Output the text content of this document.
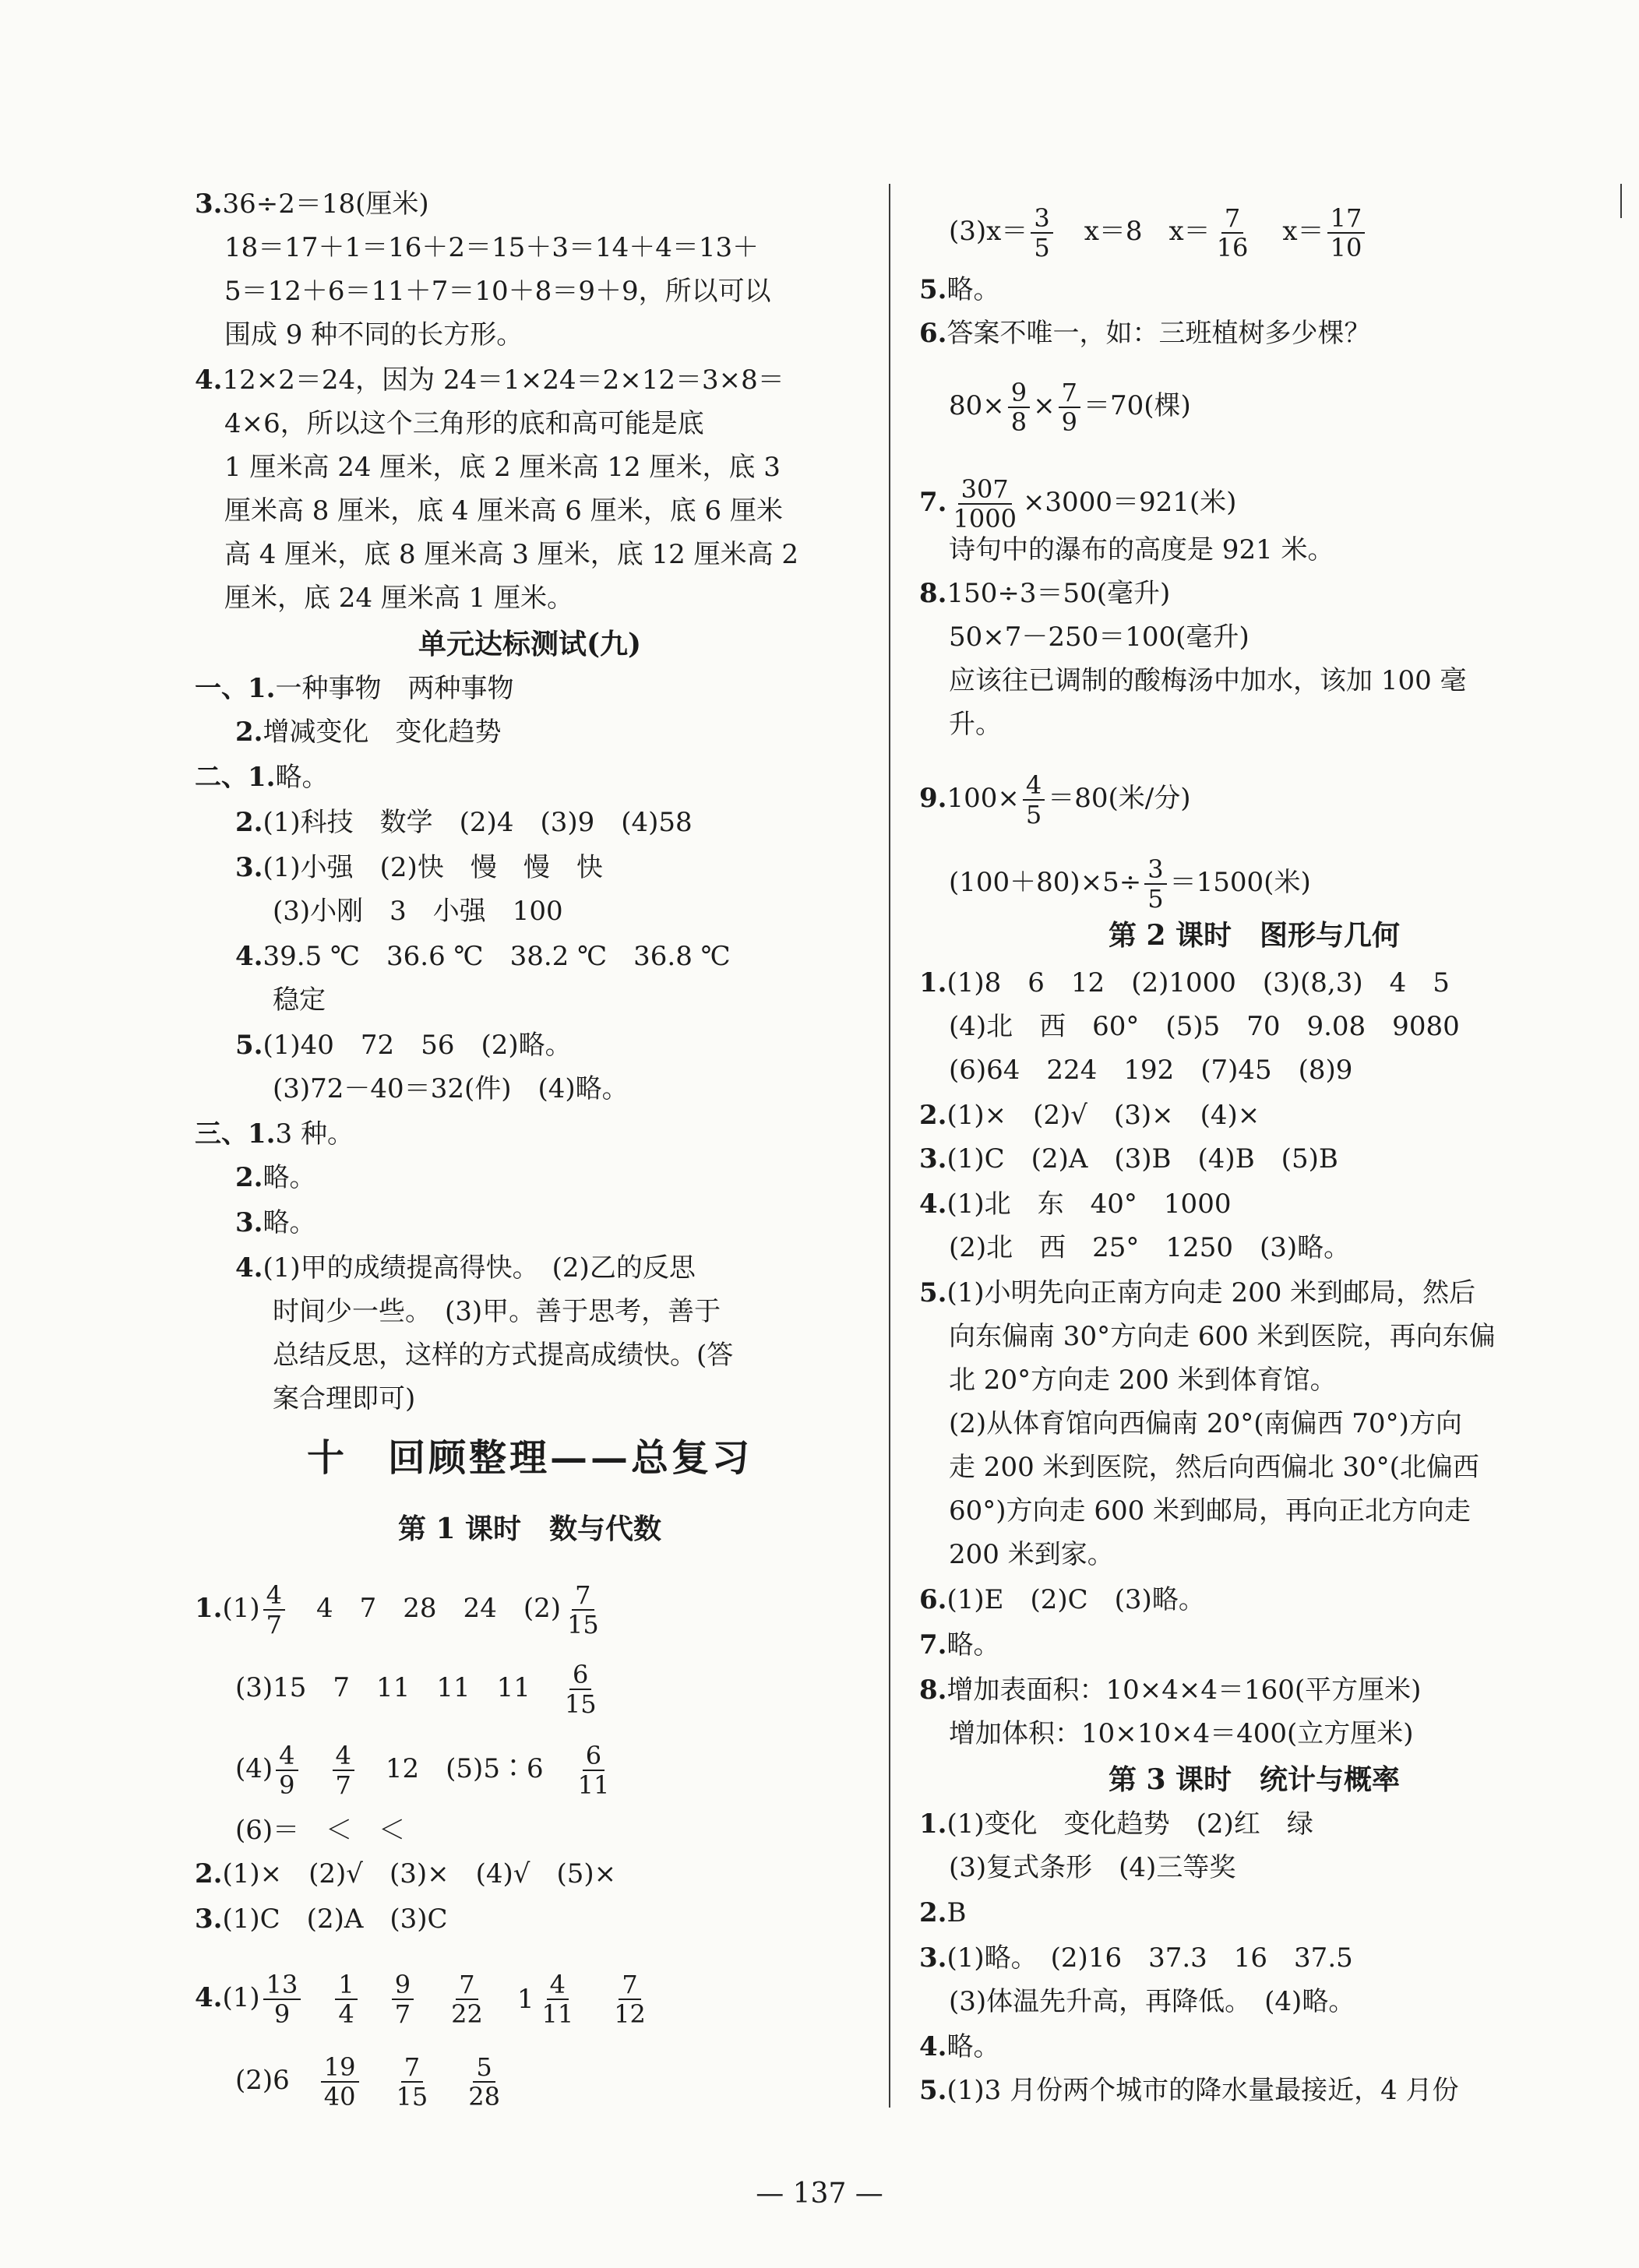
3.36÷2＝18(厘米)
18＝17＋1＝16＋2＝15＋3＝14＋4＝13＋
5＝12＋6＝11＋7＝10＋8＝9＋9，所以可以
围成 9 种不同的长方形。
4.12×2＝24，因为 24＝1×24＝2×12＝3×8＝
4×6，所以这个三角形的底和高可能是底
1 厘米高 24 厘米，底 2 厘米高 12 厘米，底 3
厘米高 8 厘米，底 4 厘米高 6 厘米，底 6 厘米
高 4 厘米，底 8 厘米高 3 厘米，底 12 厘米高 2
厘米，底 24 厘米高 1 厘米。
单元达标测试(九)
一、1.一种事物　两种事物
2.增减变化　变化趋势
二、1.略。
2.(1)科技　数学　(2)4　(3)9　(4)58
3.(1)小强　(2)快　慢　慢　快
(3)小刚　3　小强　100
4.39.5 ℃　36.6 ℃　38.2 ℃　36.8 ℃
稳定
5.(1)40　72　56　(2)略。
(3)72－40＝32(件)　(4)略。
三、1.3 种。
2.略。
3.略。
4.(1)甲的成绩提高得快。　(2)乙的反思
时间少一些。　(3)甲。善于思考，善于
总结反思，这样的方式提高成绩快。(答
案合理即可)
十　回顾整理——总复习
第 1 课时　数与代数
$1.(1) \frac{4}{7} 4$　7　28　24　$(2) \frac{7}{15}$
(3)15　7　11　11　$11 \frac{6}{15}$
$(4) \frac{4}{9} \frac{4}{7} 12$　(5)5∶6 $\frac{6}{11}$
(6)＝　＜　＜
2.(1)×　(2)√　(3)×　(4)√　(5)×
3.(1)C　(2)A　(3)C
$4.(1) \frac{13}{9} \frac{1}{4} \frac{9}{7} \frac{7}{22} 1 \frac{4}{11} \frac{7}{12}$
$(2)6 \frac{19}{40} \frac{7}{15} \frac{5}{28}$
$(3)x= \frac{3}{5} x=8$　$x= \frac{7}{16} x= \frac{17}{10}$
5.略。
6.答案不唯一，如：三班植树多少棵？
$80\times \frac{9}{8} \times \frac{7}{9} =70$(棵)
7. $\frac{307}{1000} \times 3000=921$(米)
诗句中的瀑布的高度是 921 米。
8.150÷3＝50(毫升)
50×7－250＝100(毫升)
应该往已调制的酸梅汤中加水，该加 100 毫
升。
$9.100\times \frac{4}{5} =80$(米/分)
$(100+80)\times 5\div \frac{3}{5} =1500$(米)
第 2 课时　图形与几何
1.(1)8　6　12　(2)1000　(3)(8,3)　4　5
(4)北　西　60°　(5)5　70　9.08　9080
(6)64　224　192　(7)45　(8)9
2.(1)×　(2)√　(3)×　(4)×
3.(1)C　(2)A　(3)B　(4)B　(5)B
4.(1)北　东　40°　1000
(2)北　西　25°　1250　(3)略。
5.(1)小明先向正南方向走 200 米到邮局，然后
向东偏南 30°方向走 600 米到医院，再向东偏
北 20°方向走 200 米到体育馆。
(2)从体育馆向西偏南 20°(南偏西 70°)方向
走 200 米到医院，然后向西偏北 30°(北偏西
60°)方向走 600 米到邮局，再向正北方向走
200 米到家。
6.(1)E　(2)C　(3)略。
7.略。
8.增加表面积：10×4×4＝160(平方厘米)
增加体积：10×10×4＝400(立方厘米)
第 3 课时　统计与概率
1.(1)变化　变化趋势　(2)红　绿
(3)复式条形　(4)三等奖
2.B
3.(1)略。　(2)16　37.3　16　37.5
(3)体温先升高，再降低。　(4)略。
4.略。
5.(1)3 月份两个城市的降水量最接近，4 月份
— 137 —
